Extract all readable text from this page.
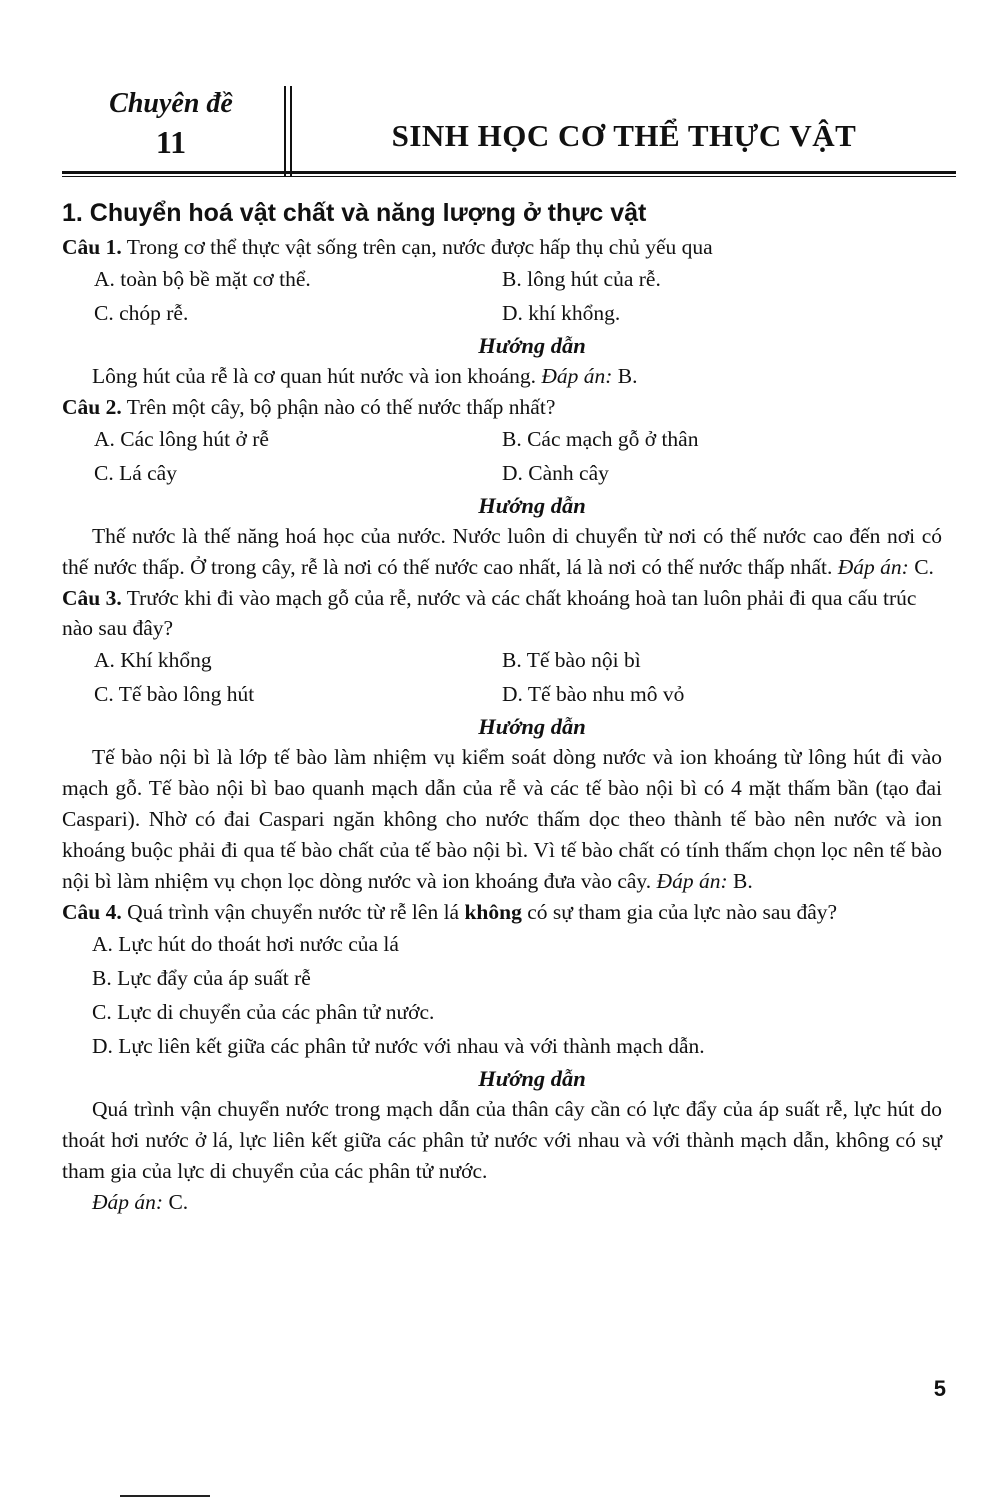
Chuyên đề
11	SINH HỌC CƠ THỂ THỰC VẬT
1. Chuyển hoá vật chất và năng lượng ở thực vật
Câu 1. Trong cơ thể thực vật sống trên cạn, nước được hấp thụ chủ yếu qua
A. toàn bộ bề mặt cơ thể.	B. lông hút của rễ.
C. chóp rễ.	D. khí khổng.
Hướng dẫn
Lông hút của rễ là cơ quan hút nước và ion khoáng. Đáp án: B.
Câu 2. Trên một cây, bộ phận nào có thế nước thấp nhất?
A. Các lông hút ở rễ	B. Các mạch gỗ ở thân
C. Lá cây	D. Cành cây
Hướng dẫn
Thế nước là thế năng hoá học của nước. Nước luôn di chuyển từ nơi có thế nước cao đến nơi có thế nước thấp. Ở trong cây, rễ là nơi có thế nước cao nhất, lá là nơi có thế nước thấp nhất. Đáp án: C.
Câu 3. Trước khi đi vào mạch gỗ của rễ, nước và các chất khoáng hoà tan luôn phải đi qua cấu trúc nào sau đây?
A. Khí khổng	B. Tế bào nội bì
C. Tế bào lông hút	D. Tế bào nhu mô vỏ
Hướng dẫn
Tế bào nội bì là lớp tế bào làm nhiệm vụ kiểm soát dòng nước và ion khoáng từ lông hút đi vào mạch gỗ. Tế bào nội bì bao quanh mạch dẫn của rễ và các tế bào nội bì có 4 mặt thấm bần (tạo đai Caspari). Nhờ có đai Caspari ngăn không cho nước thấm dọc theo thành tế bào nên nước và ion khoáng buộc phải đi qua tế bào chất của tế bào nội bì. Vì tế bào chất có tính thấm chọn lọc nên tế bào nội bì làm nhiệm vụ chọn lọc dòng nước và ion khoáng đưa vào cây. Đáp án: B.
Câu 4. Quá trình vận chuyển nước từ rễ lên lá không có sự tham gia của lực nào sau đây?
A. Lực hút do thoát hơi nước của lá
B. Lực đẩy của áp suất rễ
C. Lực di chuyển của các phân tử nước.
D. Lực liên kết giữa các phân tử nước với nhau và với thành mạch dẫn.
Hướng dẫn
Quá trình vận chuyển nước trong mạch dẫn của thân cây cần có lực đẩy của áp suất rễ, lực hút do thoát hơi nước ở lá, lực liên kết giữa các phân tử nước với nhau và với thành mạch dẫn, không có sự tham gia của lực di chuyển của các phân tử nước.
Đáp án: C.
5
